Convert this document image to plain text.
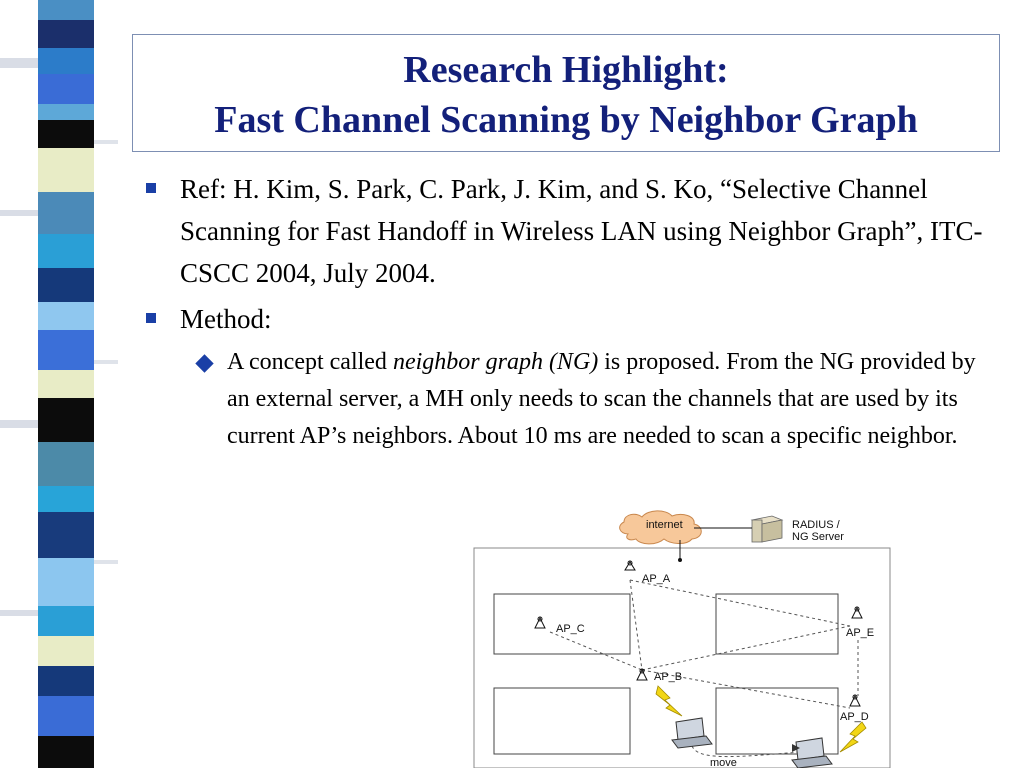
Research Highlight:
Fast Channel Scanning by Neighbor Graph
Ref: H. Kim, S. Park, C. Park, J. Kim, and S. Ko, “Selective Channel Scanning for Fast Handoff in Wireless LAN using Neighbor Graph”, ITC-CSCC 2004, July 2004.
Method:
A concept called neighbor graph (NG) is proposed. From the NG provided by an external server, a MH only needs to scan the channels that are used by its current AP’s neighbors. About 10 ms are needed to scan a specific neighbor.
internet	RADIUS /
NG Server
AP_A
AP_C	AP_E
AP_B
AP_D
move
